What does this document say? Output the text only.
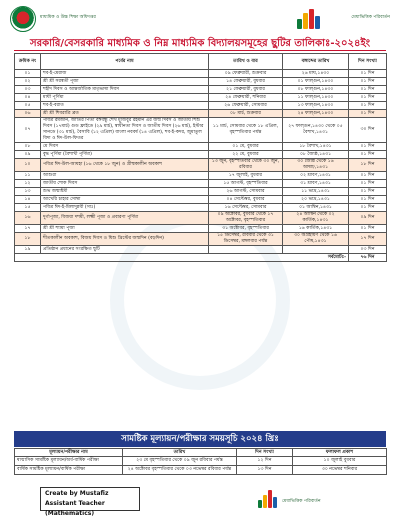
মাধ্যমিক ও উচ্চ শিক্ষা অধিদপ্তর	মেধাভিত্তিক পরিবার্তন
সরকারি/বেসরকারি মাধ্যমিক ও নিম্ন মাধ্যমিক বিদ্যালয়সমূহের ছুটির তালিকাঃ-২০২৪ইং
ক্রমিক নং	পর্বের নাম	তারিখ ও বার	বঙ্গাব্দের তারিখ	দিন সংখ্যা
০১	শব-ই-মেরাজ	০৯ ফেব্রুয়ারী, শুক্রবার	২৬ মাঘ,১৪৩০	০১ দিন
০২	শ্রী শ্রী সরস্বতী পূজা	১৪ ফেব্রুয়ারী, বুধবার	০১ ফাল্গুন,১৪৩০	০১ দিন
০৩	শহীদ দিবস ও আন্তর্জাতিক মাতৃভাষা দিবস	২১ ফেব্রুয়ারী, বুধবার	০৮ ফাল্গুন,১৪৩০	০১ দিন
০৪	মাঘী পূর্ণিমা	২৪ ফেব্রুয়ারী, শনিবার	১১ ফাল্গুন,১৪৩০	০১ দিন
০৫	শব-ই-বরাত	২৬ ফেব্রুয়ারী, সোমবার	১৩ ফাল্গুন,১৪৩০	০১ দিন
০৬	শ্রী শ্রী শিবরাত্রি ব্রত	০৮ মার্চ, শুক্রবার	২৪ ফাল্গুন,১৪৩০	০১ দিন
০৭	পবিত্র রমজান, জাতির পিতা বঙ্গবন্ধু শেখ মুজিবুর রহমান এর জন্ম দিবস ও জাতীয় শিশু দিবস (১৭মার্চ) গুড ফ্রাইডে (২৯ মার্চ), স্বাধীনতা দিবস ও জাতীয় দিবস (২৬ মার্চ), ইস্টার সানডে (৩১ মার্চ), বৈসাবি (১২ এপ্রিল) বাংলা নববর্ষ (১৪ এপ্রিল), শব-ই-কদর, জুমাতুল বিদা ও ঈদ-উল-ফিতর	১১ মার্চ, সোমবার থেকে ১৮ এপ্রিল, বৃহস্পতিবার পর্যন্ত	২৭ ফাল্গুন,১৪৩০ থেকে ০৫ বৈশাখ,১৪৩১	৩০ দিন
০৮	মে দিবস	০১ মে, বুধবার	১৮ বৈশাখ,১৪৩১	০১ দিন
০৯	বুদ্ধ পূর্ণিমা (বৈশাখী পূর্ণিমা)	২২ মে, বুধবার	০৮ জ্যৈষ্ঠ,১৪৩১	০১ দিন
১০	পবিত্র ঈদ-উল-আযহা (১৬ থেকে ১৮ জুন) ও গ্রীষ্মকালীন অবকাশ	১৩ জুন, বৃহস্পতিবার থেকে ৩০ জুন, রবিবার	৩০ জ্যৈষ্ঠ থেকে ১৬ আষাঢ়,১৪৩১	১৮ দিন
১১	আশুরা	১৭ জুলাই, বুধবার	০২ শ্রাবণ,১৪৩১	০১ দিন
১২	জাতীয় শোক দিবস	১৫ আগস্ট, বৃহস্পতিবার	৩১ শ্রাবণ,১৪৩১	০১ দিন
১৩	শুভ জন্মাষ্টমী	২৬ আগস্ট, সোমবার	১১ ভাদ্র,১৪৩১	০১ দিন
১৪	আখেরি চাহার সোম্বা	০৪ সেপ্টেম্বর, বুধবার	২০ ভাদ্র,১৪৩১	০১ দিন
১৫	পবিত্র ঈদ-ই-মিলাদুন্নবী (সাঃ)	১৬ সেপ্টেম্বর, সোমবার	০১ আশ্বিন,১৪৩১	০১ দিন
১৬	দুর্গাপূজা, বিজয়া দশমী, লক্ষ্মী পূজা ও প্রবারণা পূর্ণিমা	০৯ অক্টোবর, বুধবার থেকে ১৭ অক্টোবর, বৃহস্পতিবার	২৪ আশ্বিন থেকে ০২ কার্তিক,১৪৩১	০৯ দিন
১৭	শ্রী শ্রী শ্যামা পূজা	৩১ অক্টোবর, বৃহস্পতিবার	১৬ কার্তিক,১৪৩১	০১ দিন
১৮	শীতকালীন অবকাশ, বিজয় দিবস ও যিশু খ্রিস্টের জন্মদিন (বড়দিন)	১৫ ডিসেম্বর, রবিবার থেকে ৩১ ডিসেম্বর, মঙ্গলবার পর্যন্ত	৩০ অগ্রহায়ণ থেকে ১৬ পৌষ,১৪৩১	১৭ দিন
১৯	প্রতিষ্ঠান প্রধানের সংরক্ষিত ছুটি			০৩ দিন
সর্বমোটঃ-				৭৬ দিন
সামষ্টিক মূল্যায়ন/পরীক্ষার সময়সূচি ২০২৪ খ্রিঃ
মূল্যায়ন/পরীক্ষার নাম	তারিখ	দিন সংখ্যা	ফলাফল প্রকাশ
ষাণ্মাসিক সামষ্টিক মূল্যায়ন/অর্ধ-বার্ষিক পরীক্ষা	২৩ মে বৃহস্পতিবার থেকে ০৯ জুন রবিবার পর্যন্ত	১২ দিন	১০ জুলাই বুধবার
বার্ষিক সামষ্টিক মূল্যায়ন/বার্ষিক পরীক্ষা	২৪ অক্টোবর বৃহস্পতিবার থেকে ০৩ নভেম্বর রবিবার পর্যন্ত	১৩ দিন	৩০ নভেম্বর শনিবার
Create by Mustafiz
Assistant Teacher (Mathematics)
মেধাভিত্তিক পরিবার্তন
